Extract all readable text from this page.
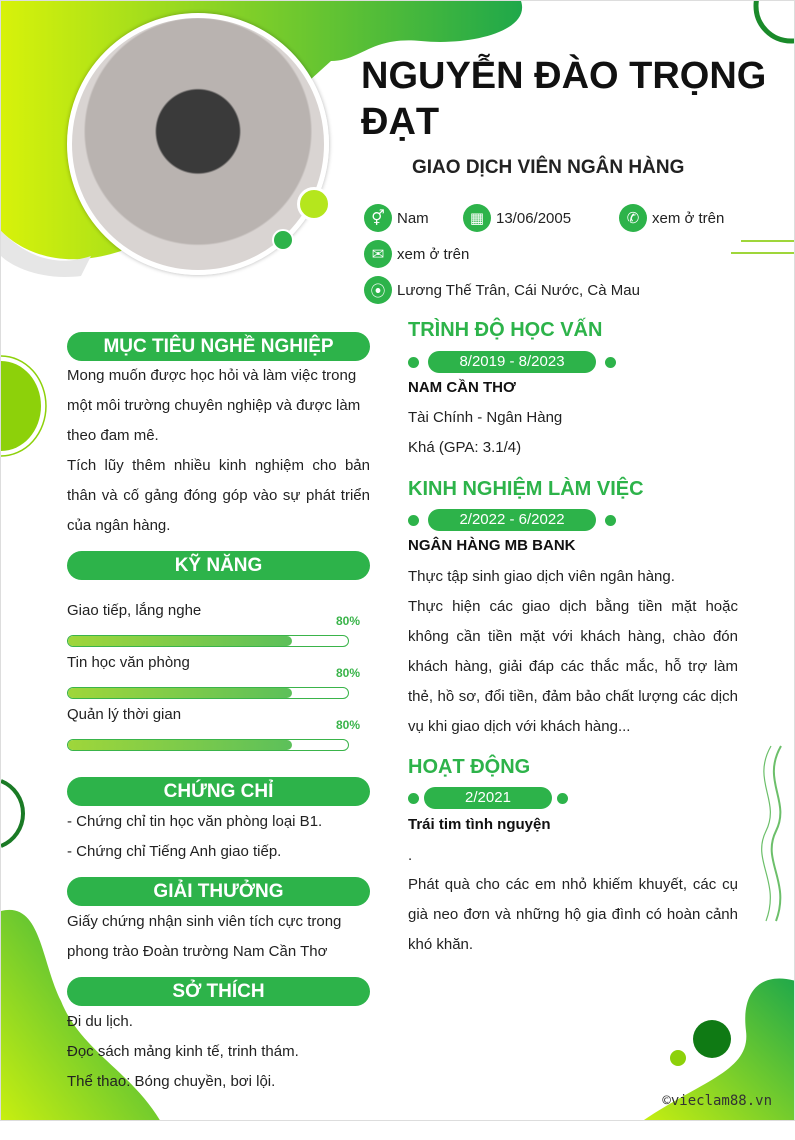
NGUYỄN ĐÀO TRỌNG ĐẠT
GIAO DỊCH VIÊN NGÂN HÀNG
⚥ Nam	▦ 13/06/2005	✆ xem ở trên
✉ xem ở trên
⦿ Lương Thế Trân, Cái Nước, Cà Mau
MỤC TIÊU NGHỀ NGHIỆP
Mong muốn được học hỏi và làm việc trong một môi trường chuyên nghiệp và được làm theo đam mê.
Tích lũy thêm nhiều kinh nghiệm cho bản thân và cố gảng đóng góp vào sự phát triển của ngân hàng.
KỸ NĂNG
Giao tiếp, lắng nghe
80%
Tin học văn phòng
80%
Quản lý thời gian
80%
CHỨNG CHỈ
- Chứng chỉ tin học văn phòng loại B1.
- Chứng chỉ Tiếng Anh giao tiếp.
GIẢI THƯỞNG
Giấy chứng nhận sinh viên tích cực trong phong trào Đoàn trường Nam Cần Thơ
SỞ THÍCH
Đi du lịch.
Đọc sách mảng kinh tế, trinh thám.
Thể thao: Bóng chuyền, bơi lội.
TRÌNH ĐỘ HỌC VẤN
8/2019 - 8/2023
NAM CẦN THƠ
Tài Chính - Ngân Hàng
Khá (GPA: 3.1/4)
KINH NGHIỆM LÀM VIỆC
2/2022 - 6/2022
NGÂN HÀNG MB BANK
Thực tập sinh giao dịch viên ngân hàng.
Thực hiện các giao dịch bằng tiền mặt hoặc không cần tiền mặt với khách hàng, chào đón khách hàng, giải đáp các thắc mắc, hỗ trợ làm thẻ, hồ sơ, đổi tiền, đảm bảo chất lượng các dịch vụ khi giao dịch với khách hàng...
HOẠT ĐỘNG
2/2021
Trái tim tình nguyện
.
Phát quà cho các em nhỏ khiếm khuyết, các cụ già neo đơn và những hộ gia đình có hoàn cảnh khó khăn.
©vieclam88.vn
